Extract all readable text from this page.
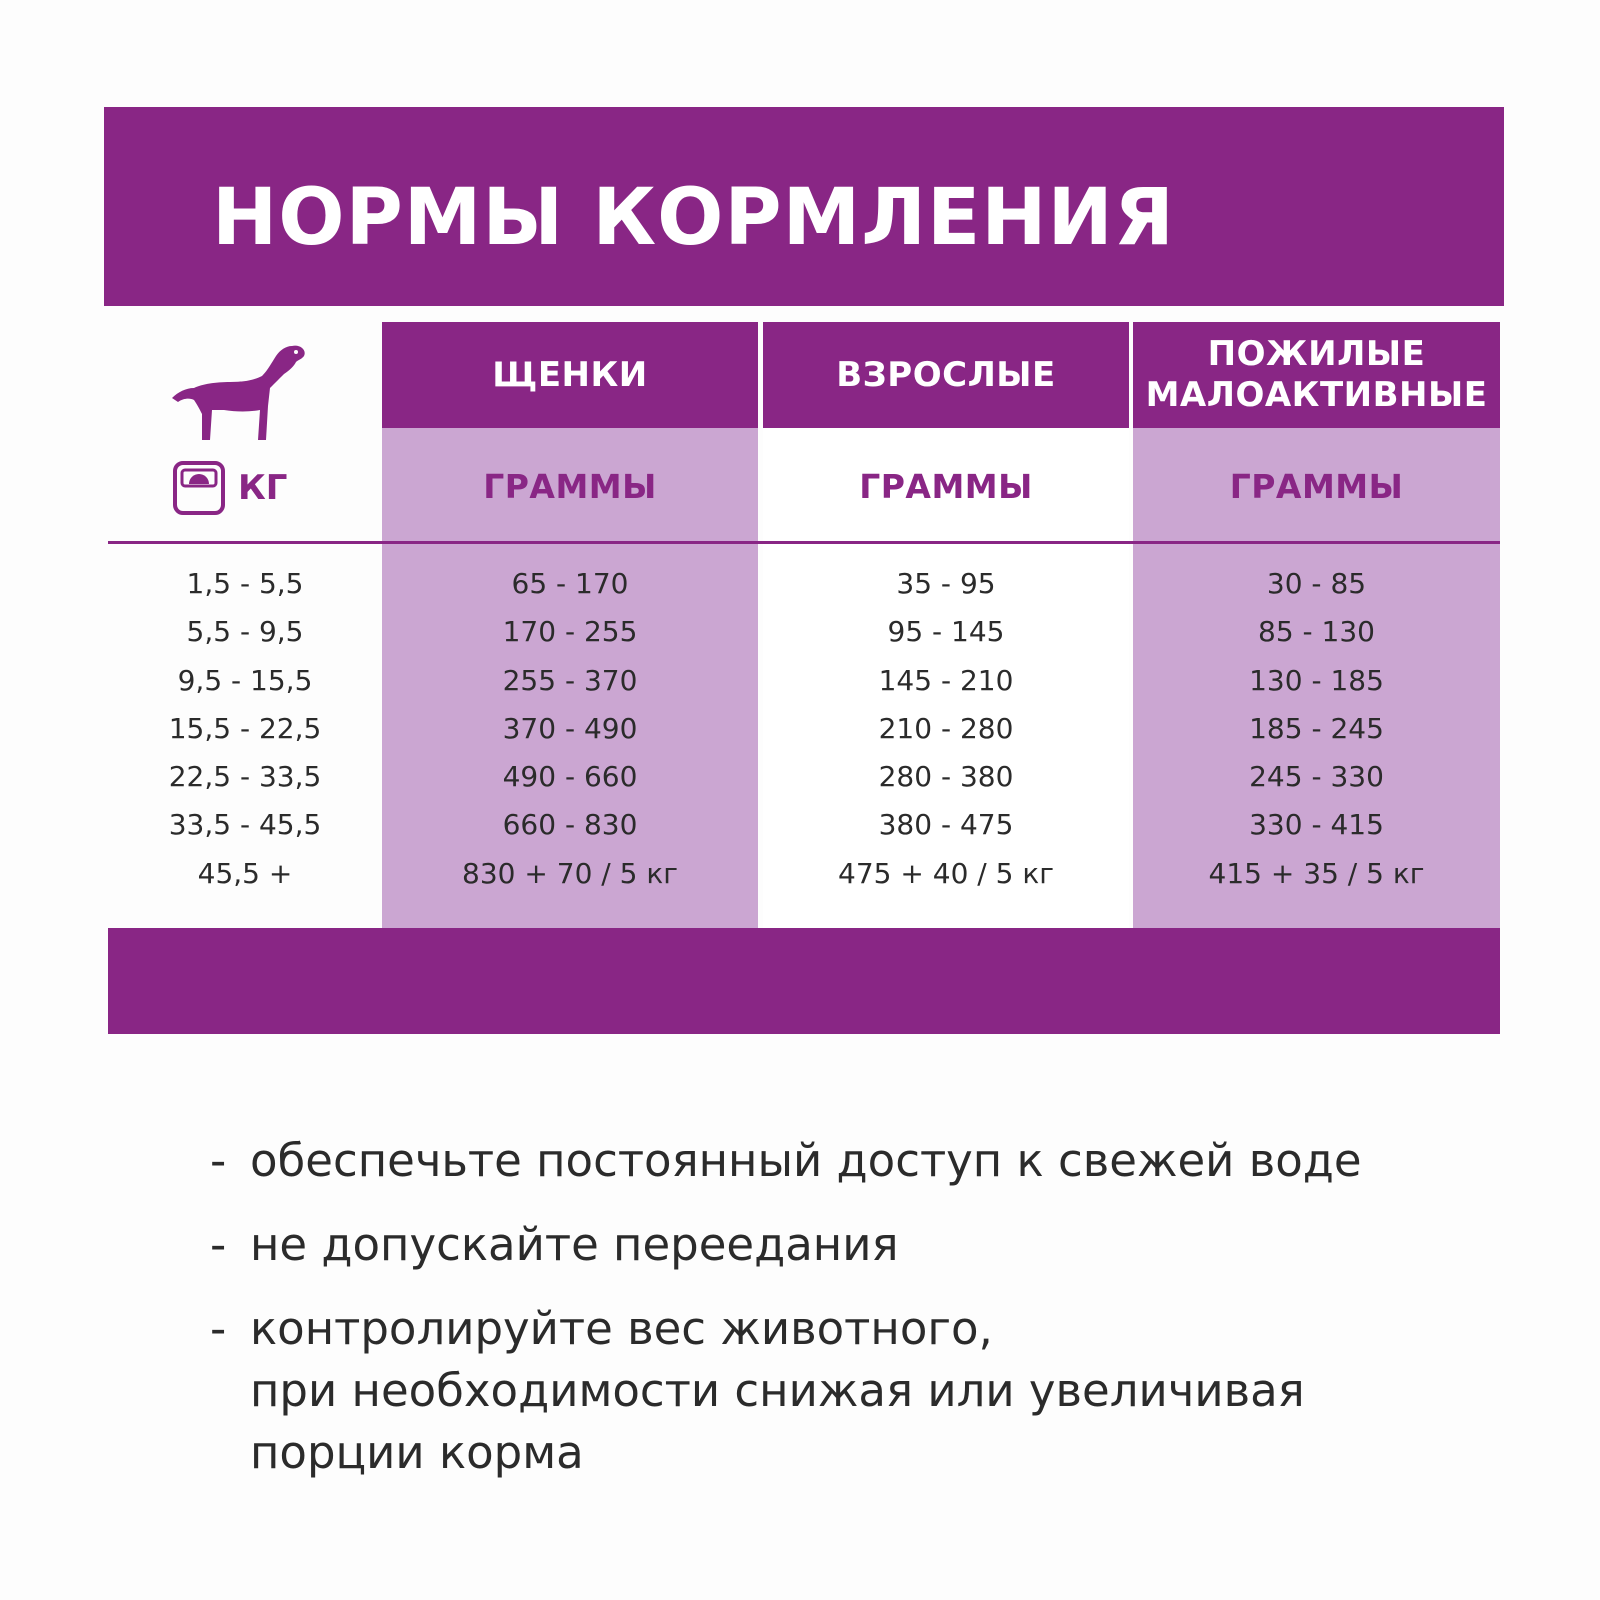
НОРМЫ КОРМЛЕНИЯ
КГ
1,5 - 5,5
5,5 - 9,5
9,5 - 15,5
15,5 - 22,5
22,5 - 33,5
33,5 - 45,5
45,5 +
ЩЕНКИ
ГРАММЫ
65 - 170
170 - 255
255 - 370
370 - 490
490 - 660
660 - 830
830 + 70 / 5 кг
ВЗРОСЛЫЕ
ГРАММЫ
35 - 95
95 - 145
145 - 210
210 - 280
280 - 380
380 - 475
475 + 40 / 5 кг
ПОЖИЛЫЕ
МАЛОАКТИВНЫЕ
ГРАММЫ
30 - 85
85 - 130
130 - 185
185 - 245
245 - 330
330 - 415
415 + 35 / 5 кг
- обеспечьте постоянный доступ к свежей воде
- не допускайте переедания
- контролируйте вес животного,
при необходимости снижая или увеличивая
порции корма
